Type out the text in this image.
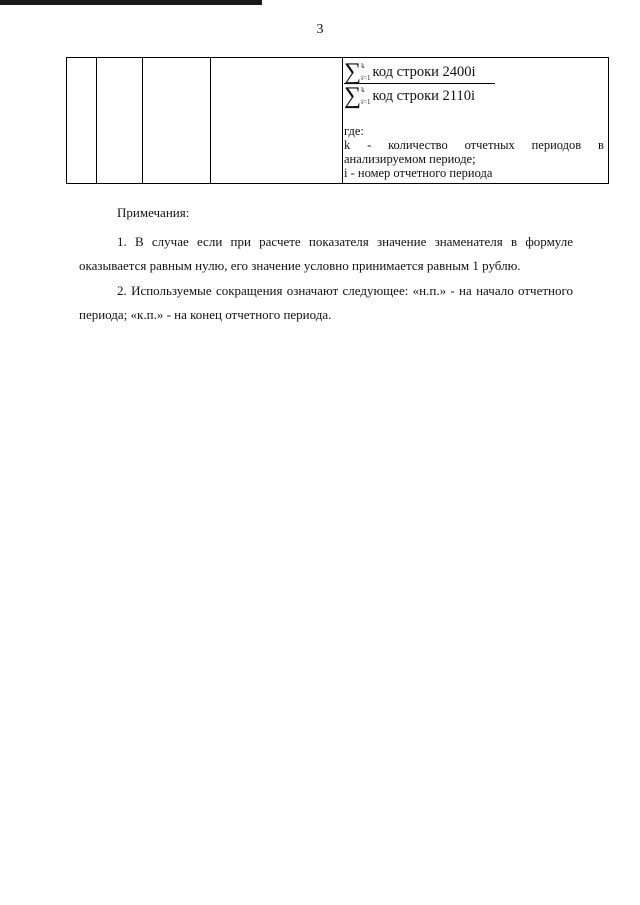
3
∑ k
i=1 код строки 2400i
∑ k
i=1 код строки 2110i
где:
k - количество отчетных периодов в
анализируемом периоде;
i - номер отчетного периода
Примечания:
1. В случае если при расчете показателя значение знаменателя в формуле
оказывается равным нулю, его значение условно принимается равным 1 рублю.
2. Используемые сокращения означают следующее: «н.п.» - на начало отчетного
периода; «к.п.» - на конец отчетного периода.
